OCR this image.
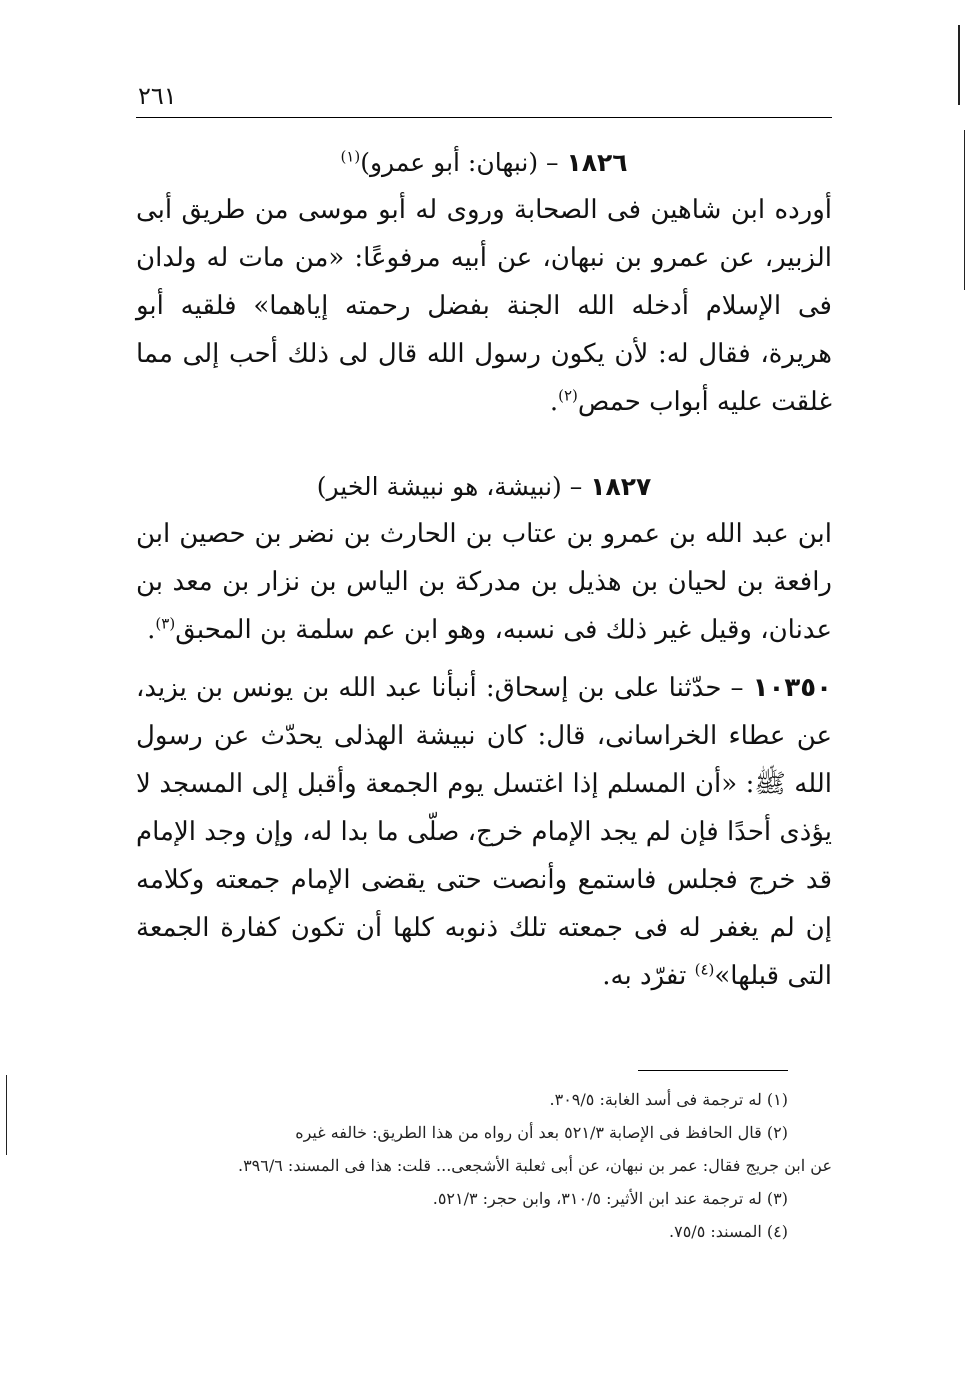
٢٦١

١٨٢٦ – (نبهان: أبو عمرو)$^{(١)}$

أورده ابن شاهين فى الصحابة وروى له أبو موسى من طريق أبى الزبير، عن عمرو بن نبهان، عن أبيه مرفوعًا: «من مات له ولدان فى الإسلام أدخله الله الجنة بفضل رحمته إياهما» فلقيه أبو هريرة، فقال له: لأن يكون رسول الله قال لى ذلك أحب إلى مما غلقت عليه أبواب حمص$^{(٢)}$.

١٨٢٧ – (نبيشة، هو نبيشة الخير)

ابن عبد الله بن عمرو بن عتاب بن الحارث بن نضر بن حصين ابن رافعة بن لحيان بن هذيل بن مدركة بن الياس بن نزار بن معد بن عدنان، وقيل غير ذلك فى نسبه، وهو ابن عم سلمة بن المحبق$^{(٣)}$.

١٠٣٥٠ – حدّثنا على بن إسحاق: أنبأنا عبد الله بن يونس بن يزيد، عن عطاء الخراسانى، قال: كان نبيشة الهذلى يحدّث عن رسول الله ﷺ: «أن المسلم إذا اغتسل يوم الجمعة وأقبل إلى المسجد لا يؤذى أحدًا فإن لم يجد الإمام خرج، صلّى ما بدا له، وإن وجد الإمام قد خرج فجلس فاستمع وأنصت حتى يقضى الإمام جمعته وكلامه إن لم يغفر له فى جمعته تلك ذنوبه كلها أن تكون كفارة الجمعة التى قبلها»$^{(٤)}$ تفرّد به.

(١) له ترجمة فى أسد الغابة: ٣٠٩/٥.

(٢) قال الحافظ فى الإصابة ٥٢١/٣ بعد أن رواه من هذا الطريق: خالفه غيره

عن ابن جريج فقال: عمر بن نبهان، عن أبى ثعلبة الأشجعى... قلت: هذا فى المسند: ٣٩٦/٦.

(٣) له ترجمة عند ابن الأثير: ٣١٠/٥، وابن حجر: ٥٢١/٣.

(٤) المسند: ٧٥/٥.
